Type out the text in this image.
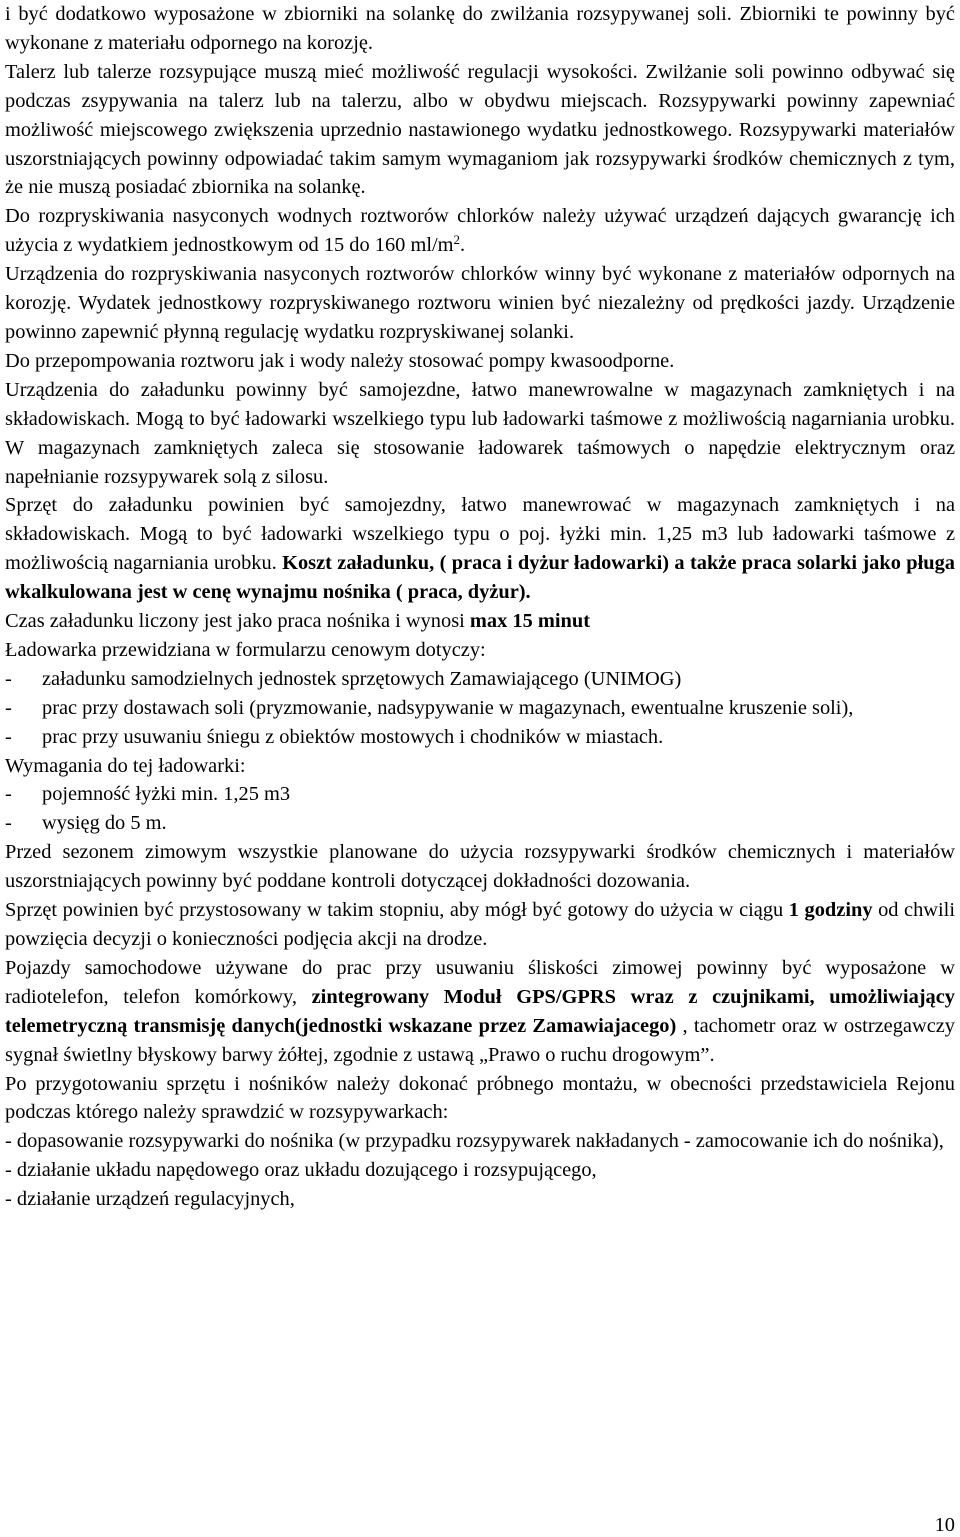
i być dodatkowo wyposażone w zbiorniki na solankę do zwilżania rozsypywanej soli. Zbiorniki te powinny być wykonane z materiału odpornego na korozję.

Talerz lub talerze rozsypujące muszą mieć możliwość regulacji wysokości. Zwilżanie soli powinno odbywać się podczas zsypywania na talerz lub na talerzu, albo w obydwu miejscach. Rozsypywarki powinny zapewniać możliwość miejscowego zwiększenia uprzednio nastawionego wydatku jednostkowego. Rozsypywarki materiałów uszorstniających powinny odpowiadać takim samym wymaganiom jak rozsypywarki środków chemicznych z tym, że nie muszą posiadać zbiornika na solankę.

Do rozpryskiwania nasyconych wodnych roztworów chlorków należy używać urządzeń dających gwarancję ich użycia z wydatkiem jednostkowym od 15 do 160 $ml/m^2$.

Urządzenia do rozpryskiwania nasyconych roztworów chlorków winny być wykonane z materiałów odpornych na korozję. Wydatek jednostkowy rozpryskiwanego roztworu winien być niezależny od prędkości jazdy. Urządzenie powinno zapewnić płynną regulację wydatku rozpryskiwanej solanki.

Do przepompowania roztworu jak i wody należy stosować pompy kwasoodporne.

Urządzenia do załadunku powinny być samojezdne, łatwo manewrowalne w magazynach zamkniętych i na składowiskach. Mogą to być ładowarki wszelkiego typu lub ładowarki taśmowe z możliwością nagarniania urobku. W magazynach zamkniętych zaleca się stosowanie ładowarek taśmowych o napędzie elektrycznym oraz napełnianie rozsypywarek solą z silosu.

Sprzęt do załadunku powinien być samojezdny, łatwo manewrować w magazynach zamkniętych i na składowiskach. Mogą to być ładowarki wszelkiego typu o poj. łyżki min. 1,25 m3 lub ładowarki taśmowe z możliwością nagarniania urobku. Koszt załadunku, ( praca i dyżur ładowarki) a także praca solarki jako pługa wkalkulowana jest w cenę wynajmu nośnika ( praca, dyżur).

Czas załadunku liczony jest jako praca nośnika i wynosi max 15 minut

Ładowarka przewidziana w formularzu cenowym dotyczy:

-	załadunku samodzielnych jednostek sprzętowych Zamawiającego (UNIMOG)
-	prac przy dostawach soli (pryzmowanie, nadsypywanie w magazynach, ewentualne kruszenie soli),
-	prac przy usuwaniu śniegu z obiektów mostowych i chodników w miastach.

Wymagania do tej ładowarki:

-	pojemność łyżki min. 1,25 m3
-	wysięg do 5 m.

Przed sezonem zimowym wszystkie planowane do użycia rozsypywarki środków chemicznych i materiałów uszorstniających powinny być poddane kontroli dotyczącej dokładności dozowania.

Sprzęt powinien być przystosowany w takim stopniu, aby mógł być gotowy do użycia w ciągu 1 godziny od chwili powzięcia decyzji o konieczności podjęcia akcji na drodze.

Pojazdy samochodowe używane do prac przy usuwaniu śliskości zimowej powinny być wyposażone w radiotelefon, telefon komórkowy, zintegrowany Moduł GPS/GPRS wraz z czujnikami, umożliwiający telemetryczną transmisję danych(jednostki wskazane przez Zamawiajacego) , tachometr oraz w ostrzegawczy sygnał świetlny błyskowy barwy żółtej, zgodnie z ustawą „Prawo o ruchu drogowym”.

Po przygotowaniu sprzętu i nośników należy dokonać próbnego montażu, w obecności przedstawiciela Rejonu podczas którego należy sprawdzić w rozsypywarkach:

- dopasowanie rozsypywarki do nośnika (w przypadku rozsypywarek nakładanych - zamocowanie ich do nośnika),

- działanie układu napędowego oraz układu dozującego i rozsypującego,

- działanie urządzeń regulacyjnych,

10
